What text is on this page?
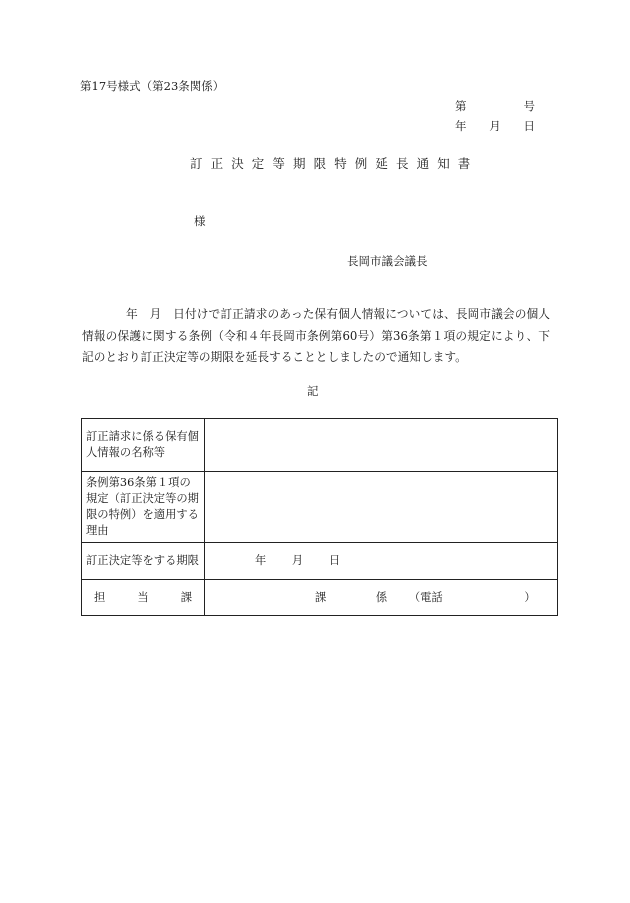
第17号様式（第23条関係）
第	号
年 月 日
訂正決定等期限特例延長通知書
様
長岡市議会議長
年　月　日付けで訂正請求のあった保有個人情報については、長岡市議会の個人情報の保護に関する条例（令和４年長岡市条例第60号）第36条第１項の規定により、下記のとおり訂正決定等の期限を延長することとしましたので通知します。
記
訂正請求に係る保有個人情報の名称等	
条例第36条第１項の規定（訂正決定等の期限の特例）を適用する理由	
訂正決定等をする期限	年 月 日

担 当 課	課 係 （電話 ）
